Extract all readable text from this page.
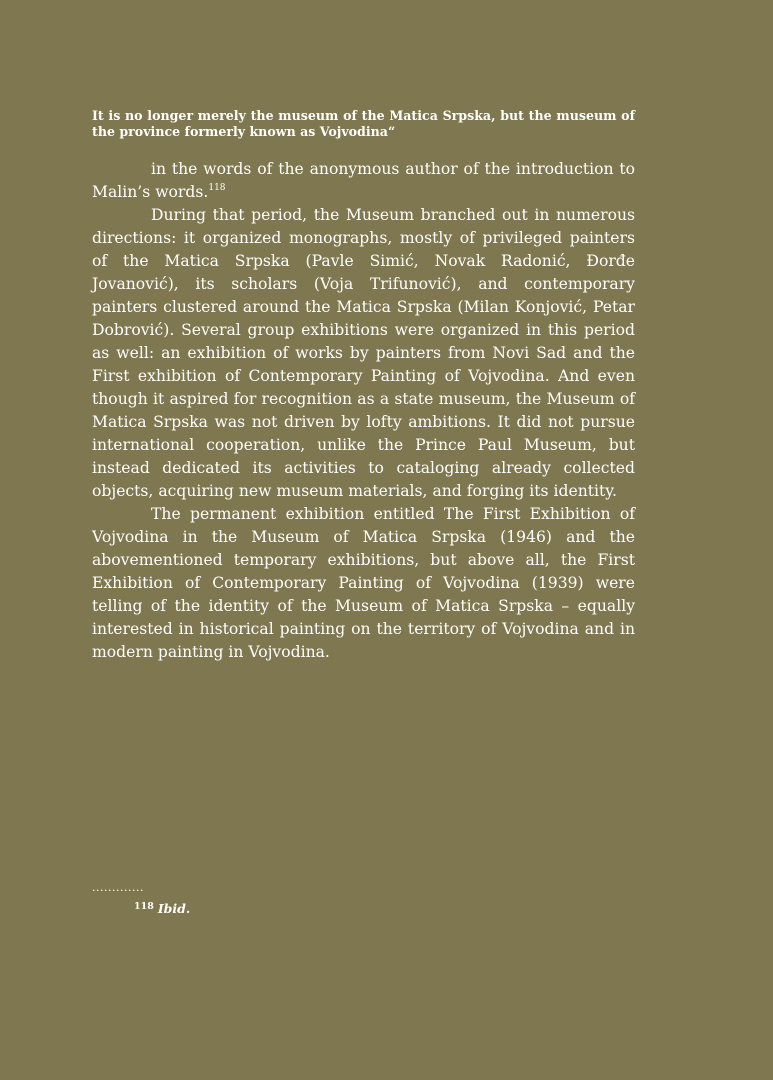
It is no longer merely the museum of the Matica Srpska, but the museum of the province formerly known as Vojvodina“

in the words of the anonymous author of the introduction to Malin’s words.$^{118}$

During that period, the Museum branched out in numerous directions: it organized monographs, mostly of privileged painters of the Matica Srpska (Pavle Simić, Novak Radonić, Đorđe Jovanović), its scholars (Voja Trifunović), and contemporary painters clustered around the Matica Srpska (Milan Konjović, Petar Dobrović). Several group exhibitions were organized in this period as well: an exhibition of works by painters from Novi Sad and the First exhibition of Contemporary Painting of Vojvodina. And even though it aspired for recognition as a state museum, the Museum of Matica Srpska was not driven by lofty ambitions. It did not pursue international cooperation, unlike the Prince Paul Museum, but instead dedicated its activities to cataloging already collected objects, acquiring new museum materials, and forging its identity.

The permanent exhibition entitled The First Exhibition of Vojvodina in the Museum of Matica Srpska (1946) and the abovementioned temporary exhibitions, but above all, the First Exhibition of Contemporary Painting of Vojvodina (1939) were telling of the identity of the Museum of Matica Srpska – equally interested in historical painting on the territory of Vojvodina and in modern painting in Vojvodina.

.............
$^{118}$ Ibid.
